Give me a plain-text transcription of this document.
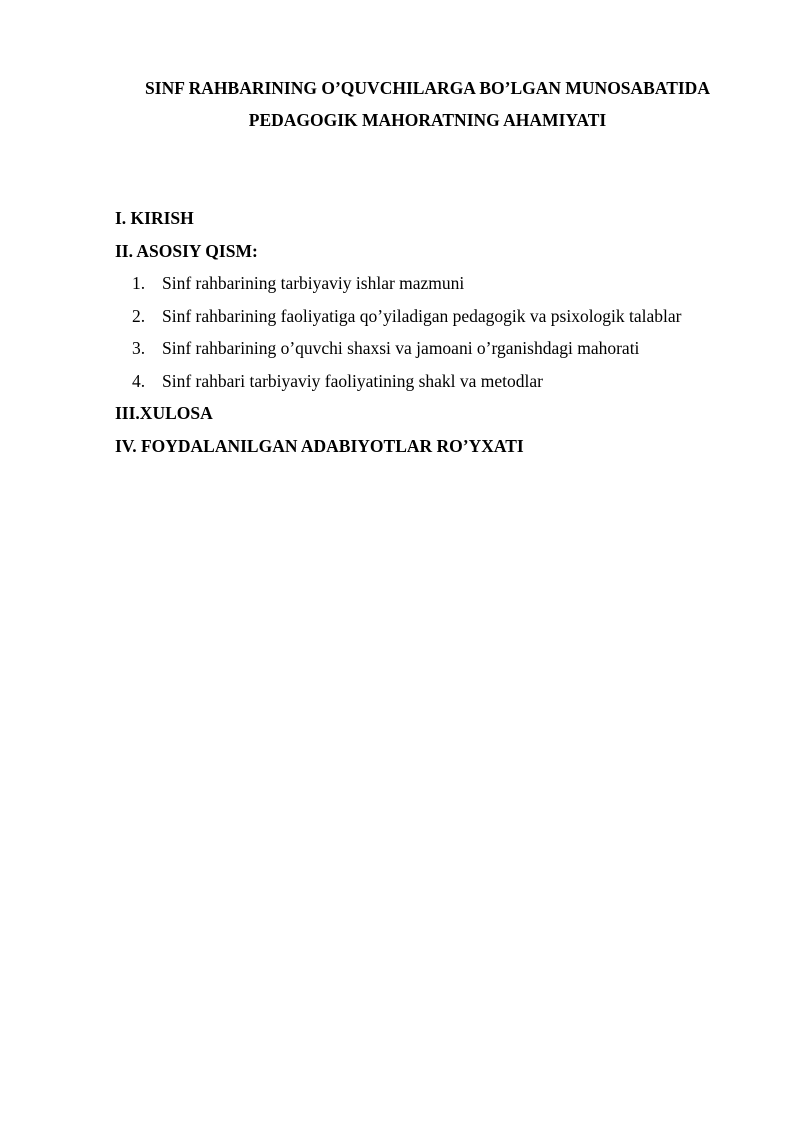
SINF RAHBARINING O’QUVCHILARGA BO’LGAN MUNOSABATIDA
PEDAGOGIK MAHORATNING AHAMIYATI

I. KIRISH

II. ASOSIY QISM:

1. Sinf rahbarining tarbiyaviy ishlar mazmuni
2. Sinf rahbarining faoliyatiga qo’yiladigan pedagogik va psixologik talablar
3. Sinf rahbarining o’quvchi shaxsi va jamoani o’rganishdagi mahorati
4. Sinf rahbari tarbiyaviy faoliyatining shakl va metodlar

III.XULOSA

IV. FOYDALANILGAN ADABIYOTLAR RO’YXATI
